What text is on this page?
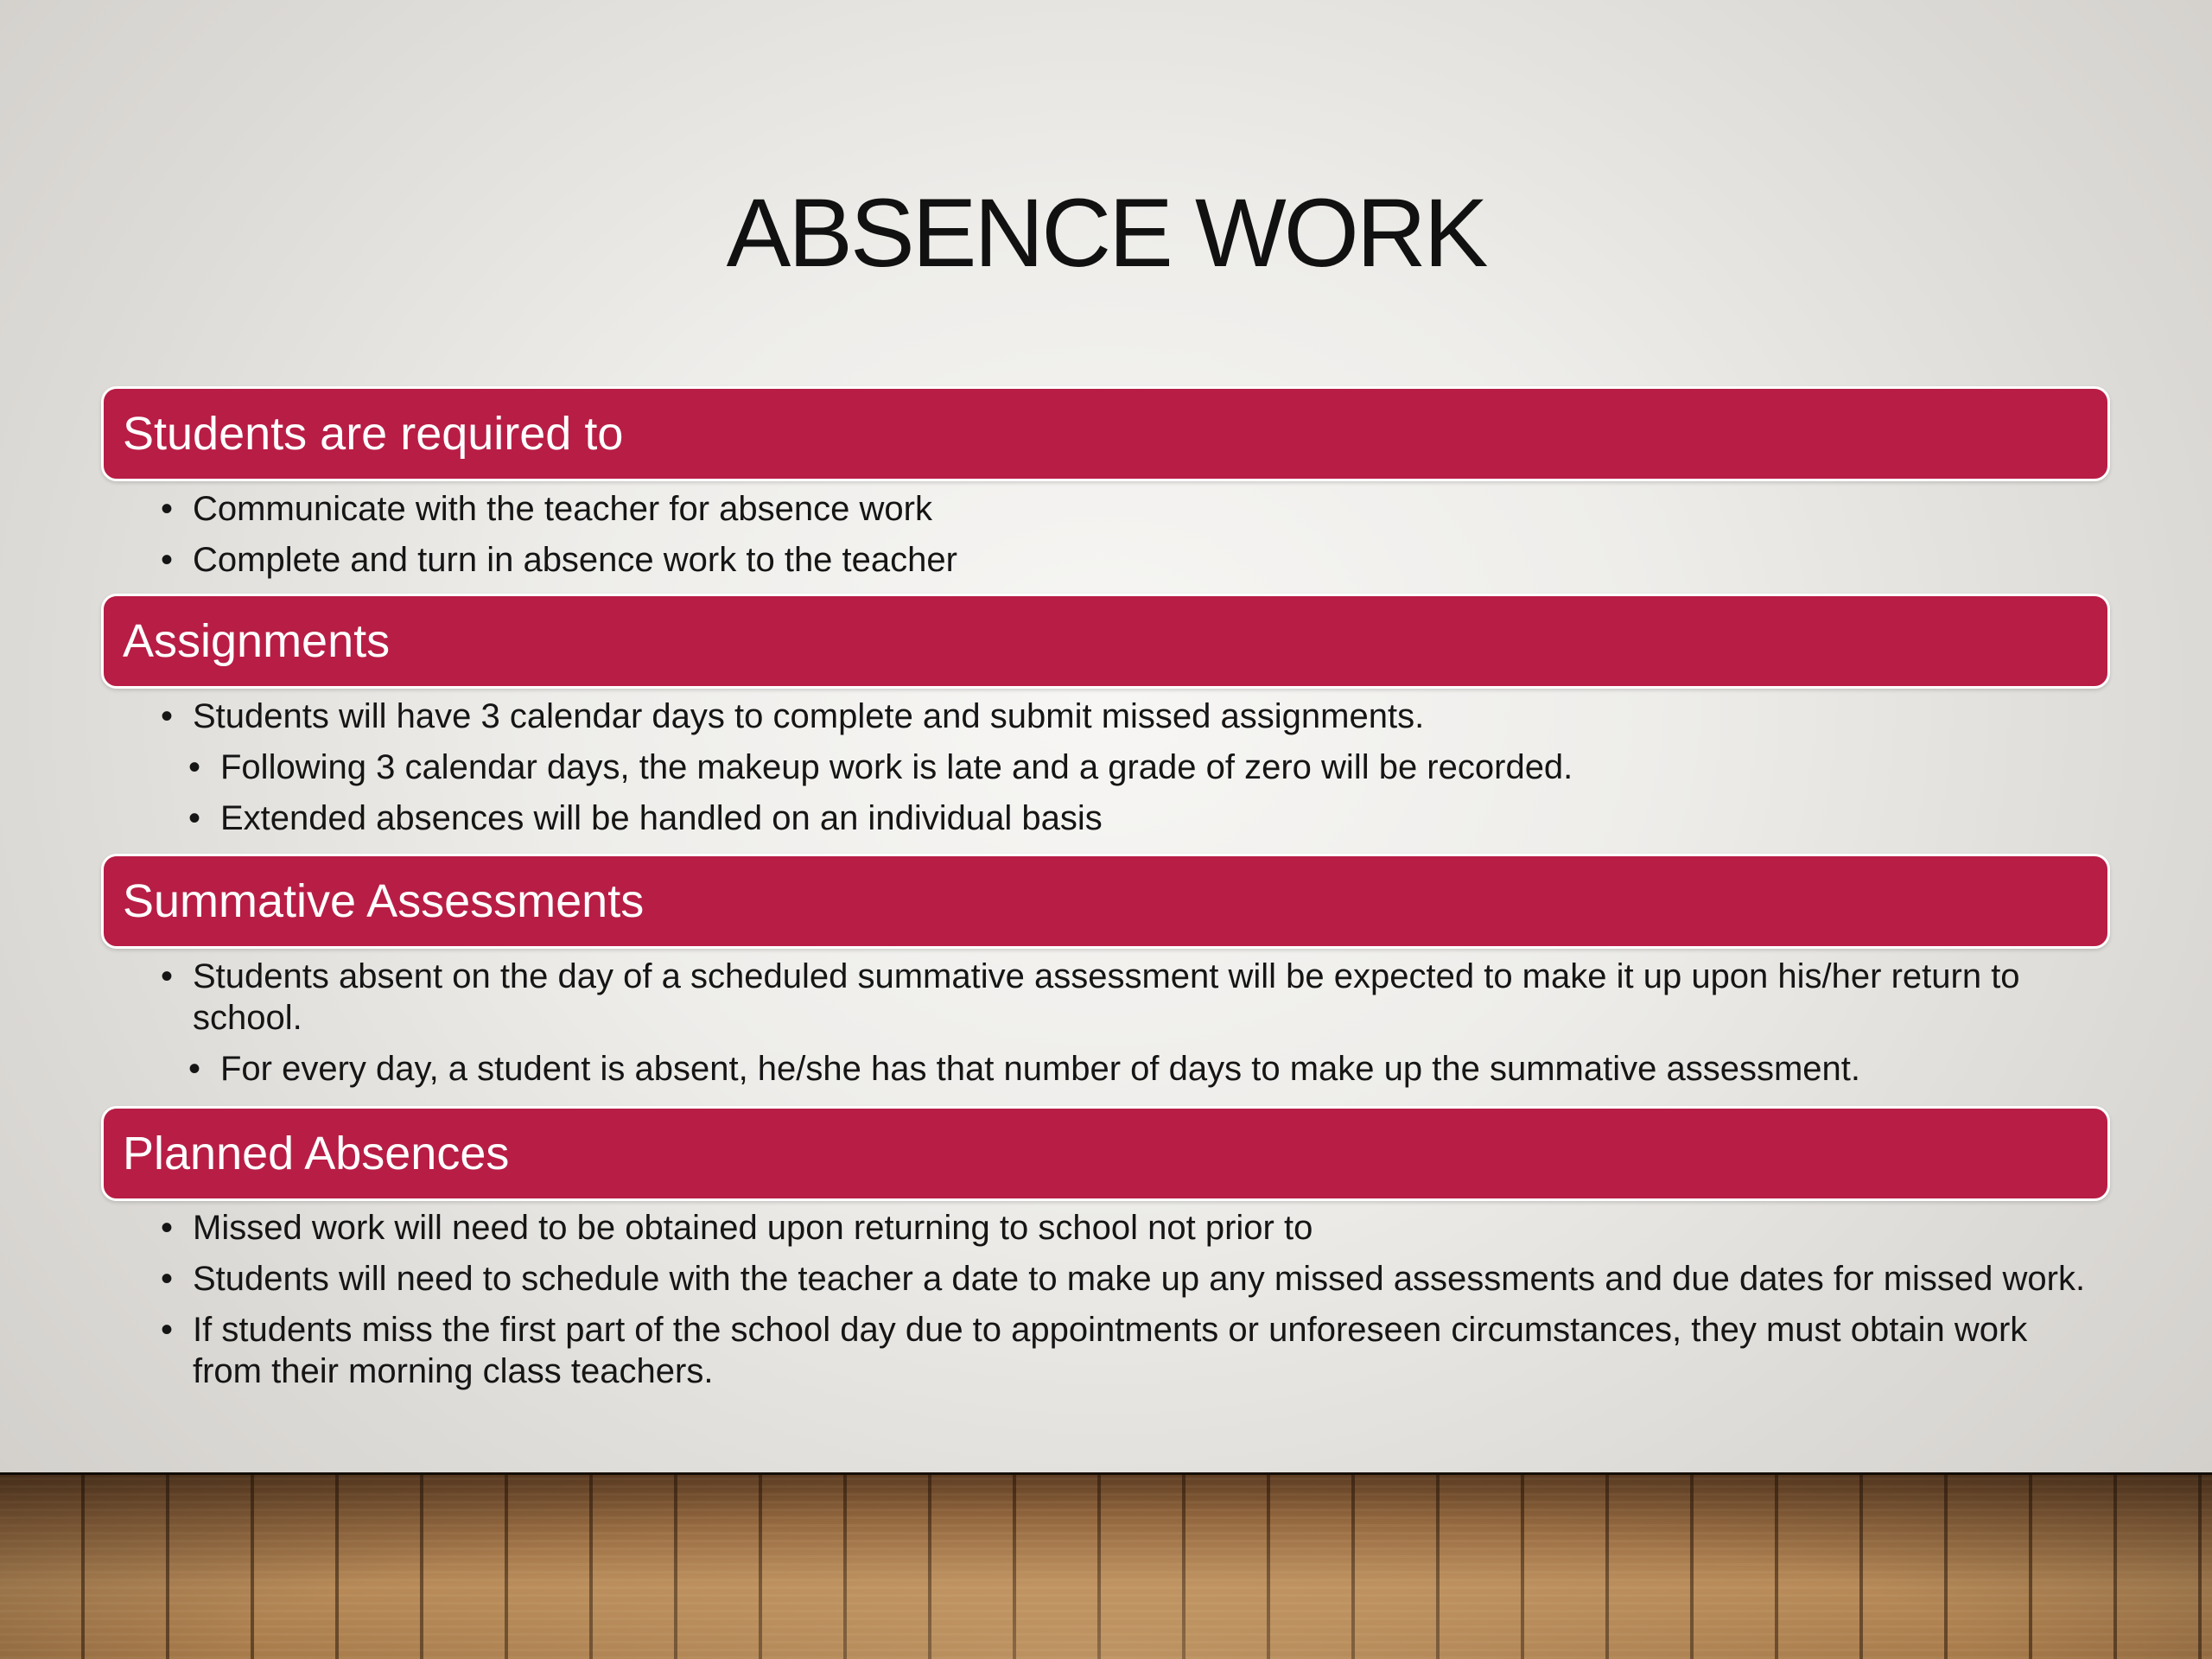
ABSENCE WORK
Students are required to
• Communicate with the teacher for absence work
• Complete and turn in absence work to the teacher
Assignments
• Students will have 3 calendar days to complete and submit missed assignments.
• Following 3 calendar days, the makeup work is late and a grade of zero will be recorded.
• Extended absences will be handled on an individual basis
Summative Assessments
• Students absent on the day of a scheduled summative assessment will be expected to make it up upon his/her return to school.
• For every day, a student is absent, he/she has that number of days to make up the summative assessment.
Planned Absences
• Missed work will need to be obtained upon returning to school not prior to
• Students will need to schedule with the teacher a date to make up any missed assessments and due dates for missed work.
• If students miss the first part of the school day due to appointments or unforeseen circumstances, they must obtain work from their morning class teachers.
